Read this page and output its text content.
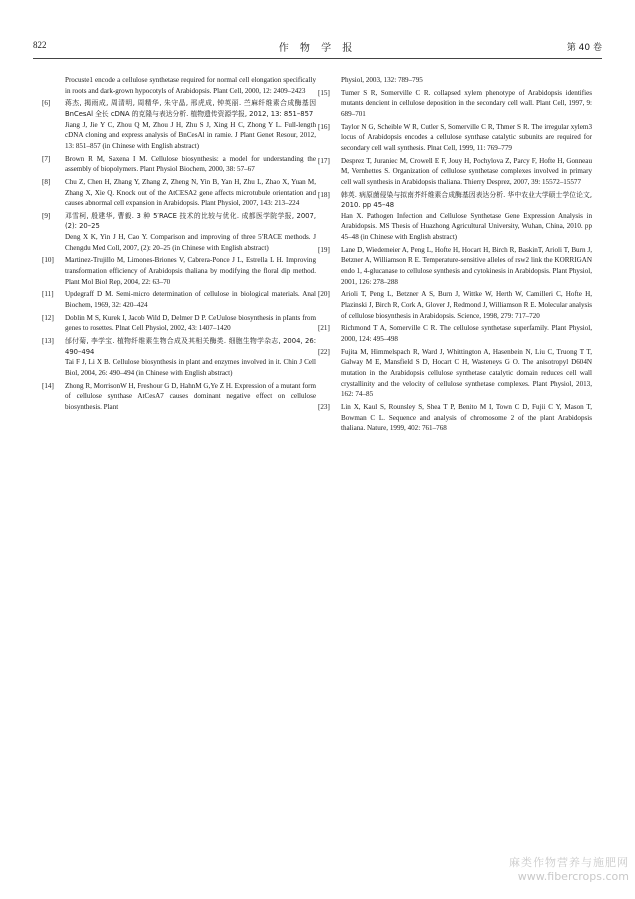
822	作 物 学 报	第 40 卷
Procuste1 encode a cellulose synthetase required for normal cell elongation specifically in roots and dark-grown hypocotyls of Arabidopsis. Plant Cell, 2000, 12: 2409–2423
[6] 蒋杰, 揭雨成, 周清明, 周精华, 朱守晶, 邢虎成, 钟英丽. 苎麻纤维素合成酶基因 BnCesAl 全长 cDNA 的克隆与表达分析. 植物遗传资源学报, 2012, 13: 851–857
Jiang J, Jie Y C, Zhou Q M, Zhou J H, Zhu S J, Xing H C, Zhong Y L. Full-length cDNA cloning and express analysis of BnCesAl in ramie. J Plant Genet Resour, 2012, 13: 851–857 (in Chinese with English abstract)
[7] Brown R M, Saxena I M. Cellulose biosynthesis: a model for understanding the assembly of biopolymers. Plant Physiol Biochem, 2000, 38: 57–67
[8] Chu Z, Chen H, Zhang Y, Zhang Z, Zheng N, Yin B, Yan H, Zhu L, Zhao X, Yuan M, Zhang X, Xie Q. Knock out of the AtCESA2 gene affects microtubule orientation and causes abnormal cell expansion in Arabidopsis. Plant Physiol, 2007, 143: 213–224
[9] 邓雪柯, 殷建华, 曹毅. 3 种 5′RACE 技术的比较与优化. 成都医学院学报, 2007, (2): 20–25
Deng X K, Yin J H, Cao Y. Comparison and improving of three 5′RACE methods. J Chengdu Med Coll, 2007, (2): 20–25 (in Chinese with English abstract)
[10] Martinez-Trujillo M, Limones-Briones V, Cabrera-Ponce J L, Estrella L H. Improving transformation efficiency of Arabidopsis thaliana by modifying the floral dip method. Plant Mol Biol Rep, 2004, 22: 63–70
[11] Updegraff D M. Semi-micro determination of cellulose in biological materials. Anal Biochem, 1969, 32: 420–424
[12] Doblin M S, Kurek I, Jacob Wild D, Delmer D P. CeUulose biosynthesis in pIants from genes to rosettes. Plnat Cell Physiol, 2002, 43: 1407–1420
[13] 邰付菊, 李学宝. 植物纤维素生物合成及其相关酶类. 细胞生物学杂志, 2004, 26: 490–494
Tai F J, Li X B. Cellulose biosynthesis in plant and enzymes involved in it. Chin J Cell Biol, 2004, 26: 490–494 (in Chinese with English abstract)
[14] Zhong R, MorrisonW H, Freshour G D, HahnM G,Ye Z H. Expression of a mutant form of cellulose synthase AtCesA7 causes dominant negative effect on cellulose biosynthesis. Plant
Physiol, 2003, 132: 789–795
[15] Tumer S R, Somerville C R. collapsed xylem phenotype of Arabidopsis identifies mutants dencient in cellulose deposition in the secondary cell wall. Plant Cell, 1997, 9: 689–701
[16] Taylor N G, Scheible W R, Cutler S, Somerville C R, Thmer S R. The irregular xylem3 locus of Arabidopsis encodes a cellulose synthase catalytic subunits are required for secondary cell wall synthesis. Plnat Cell, 1999, 11: 769–779
[17] Desprez T, Juraniec M, Crowell E F, Jouy H, Pochylova Z, Parcy F, Hofte H, Gonneau M, Vernhettes S. Organization of cellulose synthetase complexes involved in primary cell wall synthesis in Arabidopsis thaliana. Thierry Desprez, 2007, 39: 15572–15577
[18] 韩英. 病原菌侵染与拟南芥纤维素合成酶基因表达分析. 华中农业大学硕士学位论文, 2010. pp 45–48
Han X. Pathogen Infection and Cellulose Synthetase Gene Expression Analysis in Arabidopsis. MS Thesis of Huazhong Agricultural University, Wuhan, China, 2010. pp 45–48 (in Chinese with English abstract)
[19] Lane D, Wiedemeier A, Peng L, Hofte H, Hocart H, Birch R, BaskinT, Arioli T, Burn J, Betzner A, Williamson R E. Temperature-sensitive alleles of rsw2 link the KORRIGAN endo 1, 4-glucanase to cellulose synthesis and cytokinesis in Arabidopsis. Plant Physiol, 2001, 126: 278–288
[20] Arioli T, Peng L, Betzner A S, Burn J, Wittke W, Herth W, Camilleri C, Hofte H, Plazinski J, Birch R, Cork A, Glover J, Redmond J, Williamson R E. Molecular analysis of cellulose biosynthesis in Arabidopsis. Science, 1998, 279: 717–720
[21] Richmond T A, Somerville C R. The cellulose synthetase superfamily. Plant Physiol, 2000, 124: 495–498
[22] Fujita M, Himmelspach R, Ward J, Whittington A, Hasenbein N, Liu C, Truong T T, Galway M E, Mansfield S D, Hocart C H, Wasteneys G O. The anisotropyl D604N mutation in the Arabidopsis cellulose synthetase catalytic domain reduces cell wall crystallinity and the velocity of cellulose synthetase complexes. Plant Physiol, 2013, 162: 74–85
[23] Lin X, Kaul S, Rounsley S, Shea T P, Benito M I, Town C D, Fujii C Y, Mason T, Bowman C L. Sequence and analysis of chromosome 2 of the plant Arabidopsis thaliana. Nature, 1999, 402: 761–768
麻类作物营养与施肥网
www.fibercrops.com
